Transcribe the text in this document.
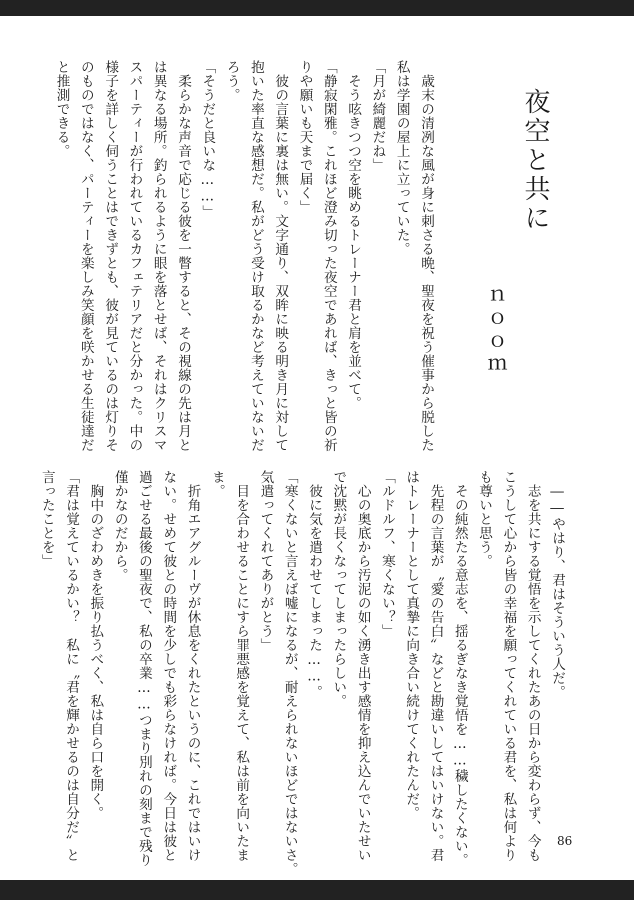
夜空と共に
ｎｏｏｍ
　歳末の清冽な風が身に刺さる晩、聖夜を祝う催事から脱した
私は学園の屋上に立っていた。
「月が綺麗だね」
　そう呟きつつ空を眺めるトレーナー君と肩を並べて。
「静寂閑雅。これほど澄み切った夜空であれば、きっと皆の祈
りや願いも天まで届く」
　彼の言葉に裏は無い。文字通り、双眸に映る明き月に対して
抱いた率直な感想だ。私がどう受け取るかなど考えていないだ
ろう。
「そうだと良いな……」
　柔らかな声音で応じる彼を一瞥すると、その視線の先は月と
は異なる場所。釣られるように眼を落とせば、それはクリスマ
スパーティーが行われているカフェテリアだと分かった。中の
様子を詳しく伺うことはできずとも、彼が見ているのは灯りそ
のものではなく、パーティーを楽しみ笑顔を咲かせる生徒達だ
と推測できる。
　――やはり、君はそういう人だ。
　志を共にする覚悟を示してくれたあの日から変わらず、今も
こうして心から皆の幸福を願ってくれている君を、私は何より
も尊いと思う。
　その純然たる意志を、揺るぎなき覚悟を……穢したくない。
　先程の言葉が〝愛の告白〟などと勘違いしてはいけない。君
はトレーナーとして真摯に向き合い続けてくれたんだ。
「ルドルフ、寒くない？」
　心の奥底から汚泥の如く湧き出す感情を抑え込んでいたせい
で沈黙が長くなってしまったらしい。
　彼に気を遣わせてしまった……。
「寒くないと言えば嘘になるが、耐えられないほどではないさ。
気遣ってくれてありがとう」
　目を合わせることにすら罪悪感を覚えて、私は前を向いたま
ま。
　折角エアグルーヴが休息をくれたというのに、これではいけ
ない。せめて彼との時間を少しでも彩らなければ。今日は彼と
過ごせる最後の聖夜で、私の卒業……つまり別れの刻まで残り
僅かなのだから。
　胸中のざわめきを振り払うべく、私は自ら口を開く。
「君は覚えているかい？　私に〝君を輝かせるのは自分だ〟と
言ったことを」
86
